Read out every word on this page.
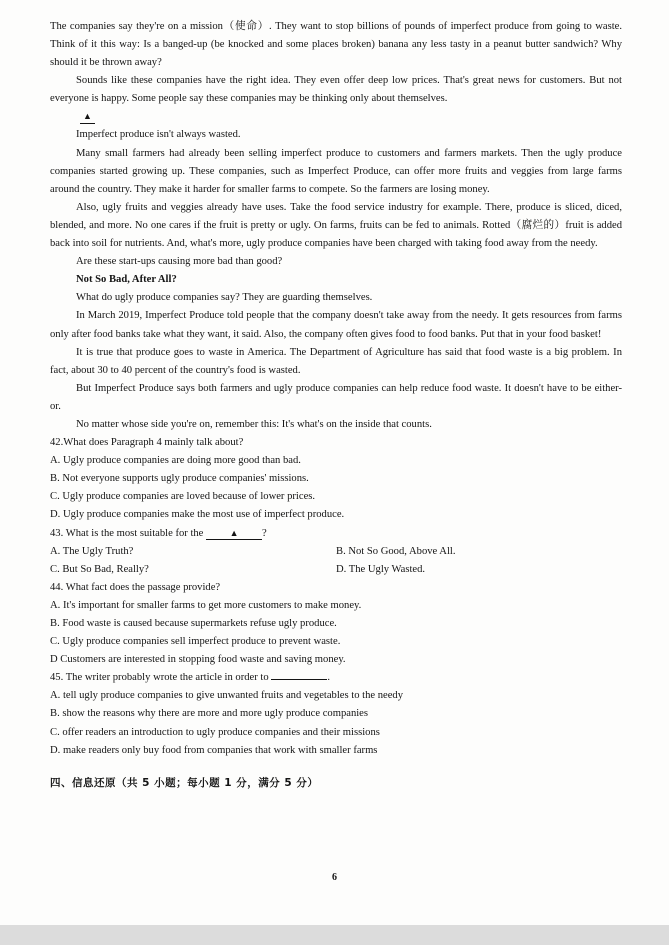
The companies say they're on a mission（使命）. They want to stop billions of pounds of imperfect produce from going to waste. Think of it this way: Is a banged-up (be knocked and some places broken) banana any less tasty in a peanut butter sandwich? Why should it be thrown away?

Sounds like these companies have the right idea. They even offer deep low prices. That's great news for customers. But not everyone is happy. Some people say these companies may be thinking only about themselves.

▲

Imperfect produce isn't always wasted.

Many small farmers had already been selling imperfect produce to customers and farmers markets. Then the ugly produce companies started growing up. These companies, such as Imperfect Produce, can offer more fruits and veggies from large farms around the country. They make it harder for smaller farms to compete. So the farmers are losing money.

Also, ugly fruits and veggies already have uses. Take the food service industry for example. There, produce is sliced, diced, blended, and more. No one cares if the fruit is pretty or ugly. On farms, fruits can be fed to animals. Rotted（腐烂的）fruit is added back into soil for nutrients. And, what's more, ugly produce companies have been charged with taking food away from the needy.

Are these start-ups causing more bad than good?

Not So Bad, After All?

What do ugly produce companies say? They are guarding themselves.

In March 2019, Imperfect Produce told people that the company doesn't take away from the needy. It gets resources from farms only after food banks take what they want, it said. Also, the company often gives food to food banks. Put that in your food basket!

It is true that produce goes to waste in America. The Department of Agriculture has said that food waste is a big problem. In fact, about 30 to 40 percent of the country's food is wasted.

But Imperfect Produce says both farmers and ugly produce companies can help reduce food waste. It doesn't have to be either-or.

No matter whose side you're on, remember this: It's what's on the inside that counts.

42.What does Paragraph 4 mainly talk about?

A. Ugly produce companies are doing more good than bad.

B. Not everyone supports ugly produce companies' missions.

C. Ugly produce companies are loved because of lower prices.

D. Ugly produce companies make the most use of imperfect produce.

43. What is the most suitable for the	▲ ?

A. The Ugly Truth?	B. Not So Good, Above All.
C. But So Bad, Really?	D. The Ugly Wasted.

44. What fact does the passage provide?

A. It's important for smaller farms to get more customers to make money.

B. Food waste is caused because supermarkets refuse ugly produce.

C. Ugly produce companies sell imperfect produce to prevent waste.

D Customers are interested in stopping food waste and saving money.

45. The writer probably wrote the article in order to	.

A. tell ugly produce companies to give unwanted fruits and vegetables to the needy

B. show the reasons why there are more and more ugly produce companies

C. offer readers an introduction to ugly produce companies and their missions

D. make readers only buy food from companies that work with smaller farms

四、信息还原（共 5 小题；每小题 1 分，满分 5 分）

6
